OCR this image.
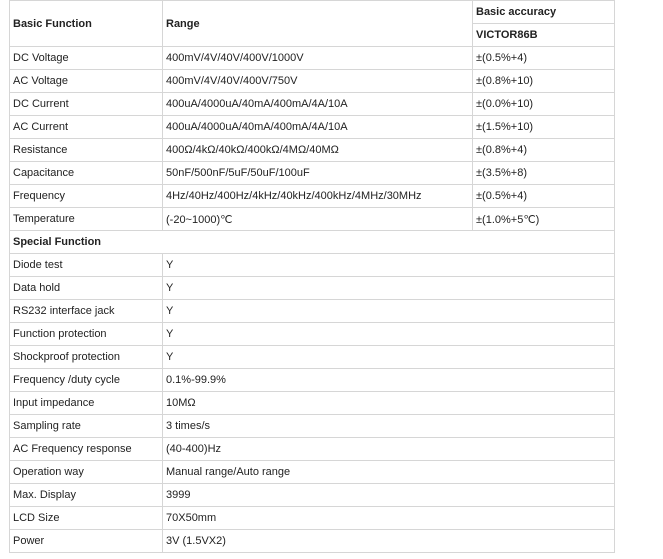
Basic Function	Range	Basic accuracy
		VICTOR86B
DC Voltage	400mV/4V/40V/400V/1000V	±(0.5%+4)
AC Voltage	400mV/4V/40V/400V/750V	±(0.8%+10)
DC Current	400uA/4000uA/40mA/400mA/4A/10A	±(0.0%+10)
AC Current	400uA/4000uA/40mA/400mA/4A/10A	±(1.5%+10)
Resistance	400Ω/4kΩ/40kΩ/400kΩ/4MΩ/40MΩ	±(0.8%+4)
Capacitance	50nF/500nF/5uF/50uF/100uF	±(3.5%+8)
Frequency	4Hz/40Hz/400Hz/4kHz/40kHz/400kHz/4MHz/30MHz	±(0.5%+4)
Temperature	(-20~1000)℃	±(1.0%+5℃)
Special Function		
Diode test	Y	
Data hold	Y	
RS232 interface jack	Y	
Function protection	Y	
Shockproof protection	Y	
Frequency /duty cycle	0.1%-99.9%	
Input impedance	10MΩ	
Sampling rate	3 times/s	
AC Frequency response	(40-400)Hz	
Operation way	Manual range/Auto range	
Max. Display	3999	
LCD Size	70X50mm	
Power	3V (1.5VX2)	
